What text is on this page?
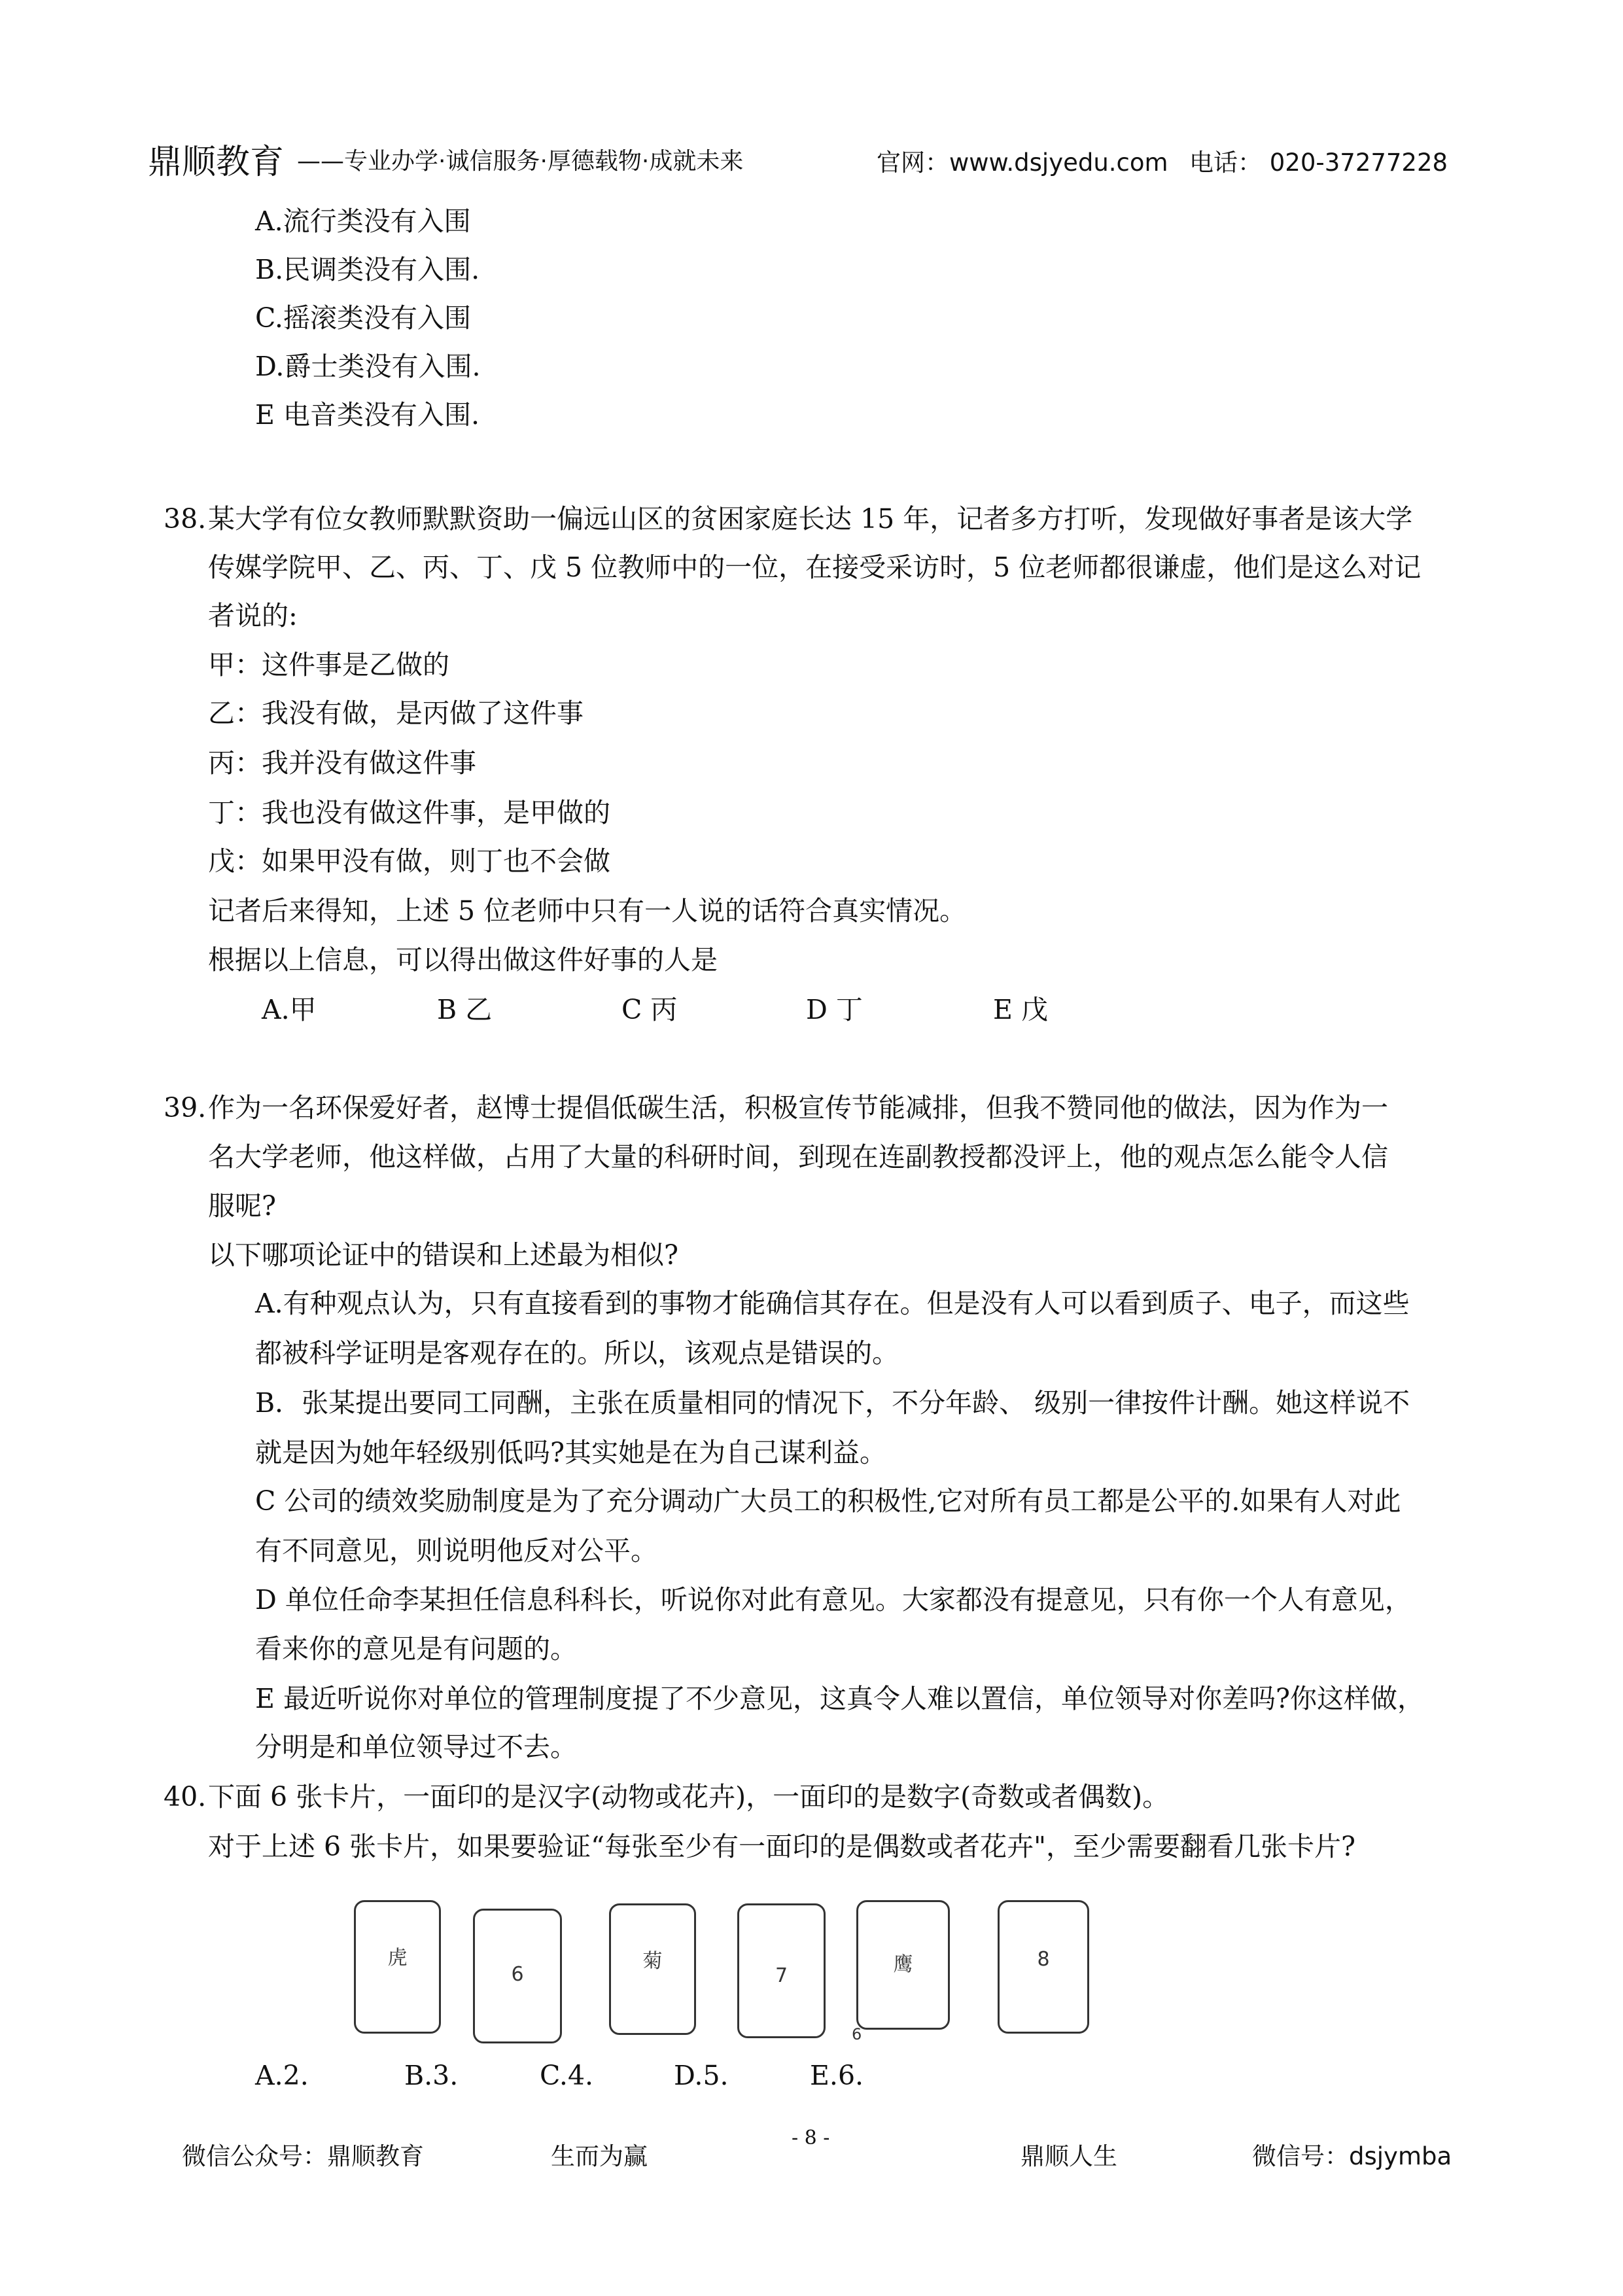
鼎顺教育 ——专业办学·诚信服务·厚德载物·成就未来	官网：www.dsjyedu.com 电话： 020-37277228
A.流行类没有入围
B.民调类没有入围.
C.摇滚类没有入围
D.爵士类没有入围.
E 电音类没有入围.
38. 某大学有位女教师默默资助一偏远山区的贫困家庭长达 15 年，记者多方打听，发现做好事者是该大学
传媒学院甲、乙、丙、丁、戊 5 位教师中的一位，在接受采访时，5 位老师都很谦虚，他们是这么对记
者说的:
甲：这件事是乙做的
乙：我没有做，是丙做了这件事
丙：我并没有做这件事
丁：我也没有做这件事，是甲做的
戊：如果甲没有做，则丁也不会做
记者后来得知，上述 5 位老师中只有一人说的话符合真实情况。
根据以上信息，可以得出做这件好事的人是
A.甲	B 乙	C 丙	D 丁	E 戊
39. 作为一名环保爱好者，赵博士提倡低碳生活，积极宣传节能减排，但我不赞同他的做法，因为作为一
名大学老师，他这样做，占用了大量的科研时间，到现在连副教授都没评上，他的观点怎么能令人信
服呢?
以下哪项论证中的错误和上述最为相似?
A.有种观点认为，只有直接看到的事物才能确信其存在。但是没有人可以看到质子、电子，而这些
都被科学证明是客观存在的。所以，该观点是错误的。
B．张某提出要同工同酬，主张在质量相同的情况下，不分年龄、 级别一律按件计酬。她这样说不
就是因为她年轻级别低吗?其实她是在为自己谋利益。
C 公司的绩效奖励制度是为了充分调动广大员工的积极性,它对所有员工都是公平的.如果有人对此
有不同意见，则说明他反对公平。
D 单位任命李某担任信息科科长，听说你对此有意见。大家都没有提意见，只有你一个人有意见，
看来你的意见是有问题的。
E 最近听说你对单位的管理制度提了不少意见，这真令人难以置信，单位领导对你差吗?你这样做，
分明是和单位领导过不去。
40. 下面 6 张卡片，一面印的是汉字(动物或花卉)，一面印的是数字(奇数或者偶数)。
对于上述 6 张卡片，如果要验证“每张至少有一面印的是偶数或者花卉"，至少需要翻看几张卡片?
虎
6
菊
7	鹰
6
8
A.2.	B.3.	C.4.	D.5.	E.6.
微信公众号：鼎顺教育	生而为赢
- 8 -
鼎顺人生	微信号：dsjymba
